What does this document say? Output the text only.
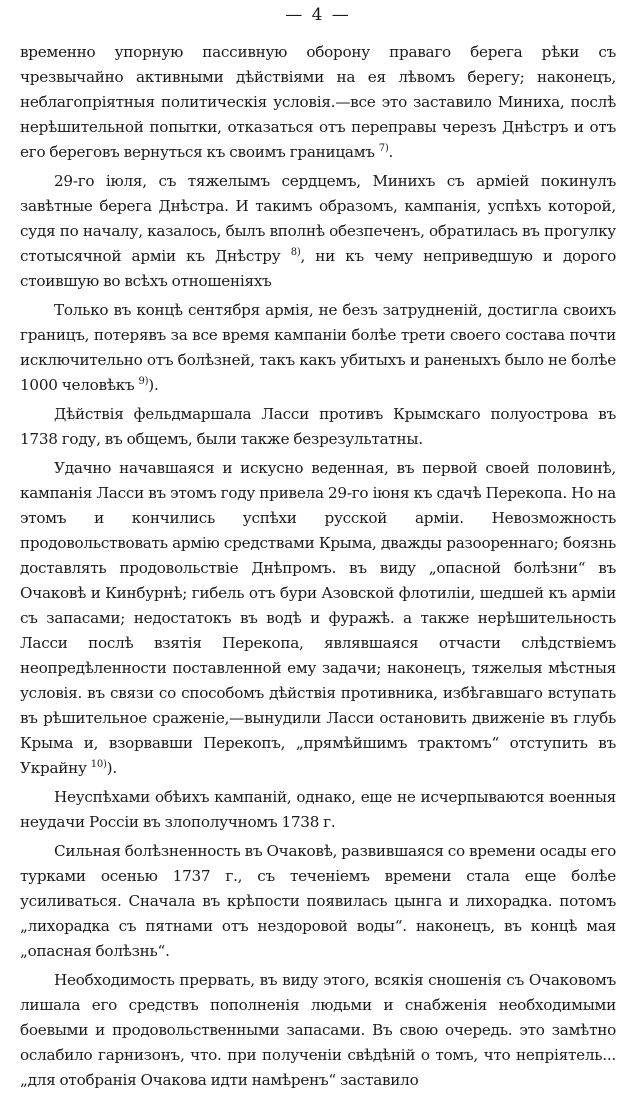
— 4 —

временно упорную пассивную оборону праваго берега рѣки съ чрезвычайно активными дѣйствіями на ея лѣвомъ берегу; наконецъ, неблагопріятныя политическія условія.—все это заставило Миниха, послѣ нерѣшительной попытки, отказаться отъ переправы черезъ Днѣстръ и отъ его береговъ вернуться къ своимъ границамъ $^{7)}$.

29-го іюля, съ тяжелымъ сердцемъ, Минихъ съ арміей покинулъ завѣтные берега Днѣстра. И такимъ образомъ, кампанія, успѣхъ которой, судя по началу, казалось, былъ вполнѣ обезпеченъ, обратилась въ прогулку стотысячной арміи къ Днѣстру $^{8)}$, ни къ чему неприведшую и дорого стоившую во всѣхъ отношеніяхъ

Только въ концѣ сентября армія, не безъ затрудненій, достигла своихъ границъ, потерявъ за все время кампаніи болѣе трети своего состава почти исключительно отъ болѣзней, такъ какъ убитыхъ и раненыхъ было не болѣе 1000 человѣкъ $^{9)}$).

Дѣйствія фельдмаршала Ласси противъ Крымскаго полуострова въ 1738 году, въ общемъ, были также безрезультатны.

Удачно начавшаяся и искусно веденная, въ первой своей половинѣ, кампанія Ласси въ этомъ году привела 29-го іюня къ сдачѣ Перекопа. Но на этомъ и кончились успѣхи русской арміи. Невозможность продовольствовать армію средствами Крыма, дважды разоореннаго; боязнь доставлять продовольствіе Днѣпромъ. въ виду „опасной болѣзни“ въ Очаковѣ и Кинбурнѣ; гибель отъ бури Азовской флотиліи, шедшей къ арміи съ запасами; недостатокъ въ водѣ и фуражѣ. а также нерѣшительность Ласси послѣ взятія Перекопа, являвшаяся отчасти слѣдствіемъ неопредѣленности поставленной ему задачи; наконецъ, тяжелыя мѣстныя условія. въ связи со способомъ дѣйствія противника, избѣгавшаго вступать въ рѣшительное сраженіе,—вынудили Ласси остановить движеніе въ глубь Крыма и, взорвавши Перекопъ, „прямѣйшимъ трактомъ“ отступить въ Украйну $^{10)}$).

Неуспѣхами обѣихъ кампаній, однако, еще не исчерпываются военныя неудачи Россіи въ злополучномъ 1738 г.

Сильная болѣзненность въ Очаковѣ, развившаяся со времени осады его турками осенью 1737 г., съ теченіемъ времени стала еще болѣе усиливаться. Сначала въ крѣпости появилась цынга и лихорадка. потомъ „лихорадка съ пятнами отъ нездоровой воды“. наконецъ, въ концѣ мая „опасная болѣзнь“.

Необходимость прервать, въ виду этого, всякія сношенія съ Очаковомъ лишала его средствъ пополненія людьми и снабженія необходимыми боевыми и продовольственными запасами. Въ свою очередь. это замѣтно ослабило гарнизонъ, что. при полученіи свѣдѣній о томъ, что непріятель... „для отобранія Очакова идти намѣренъ“ заставило
